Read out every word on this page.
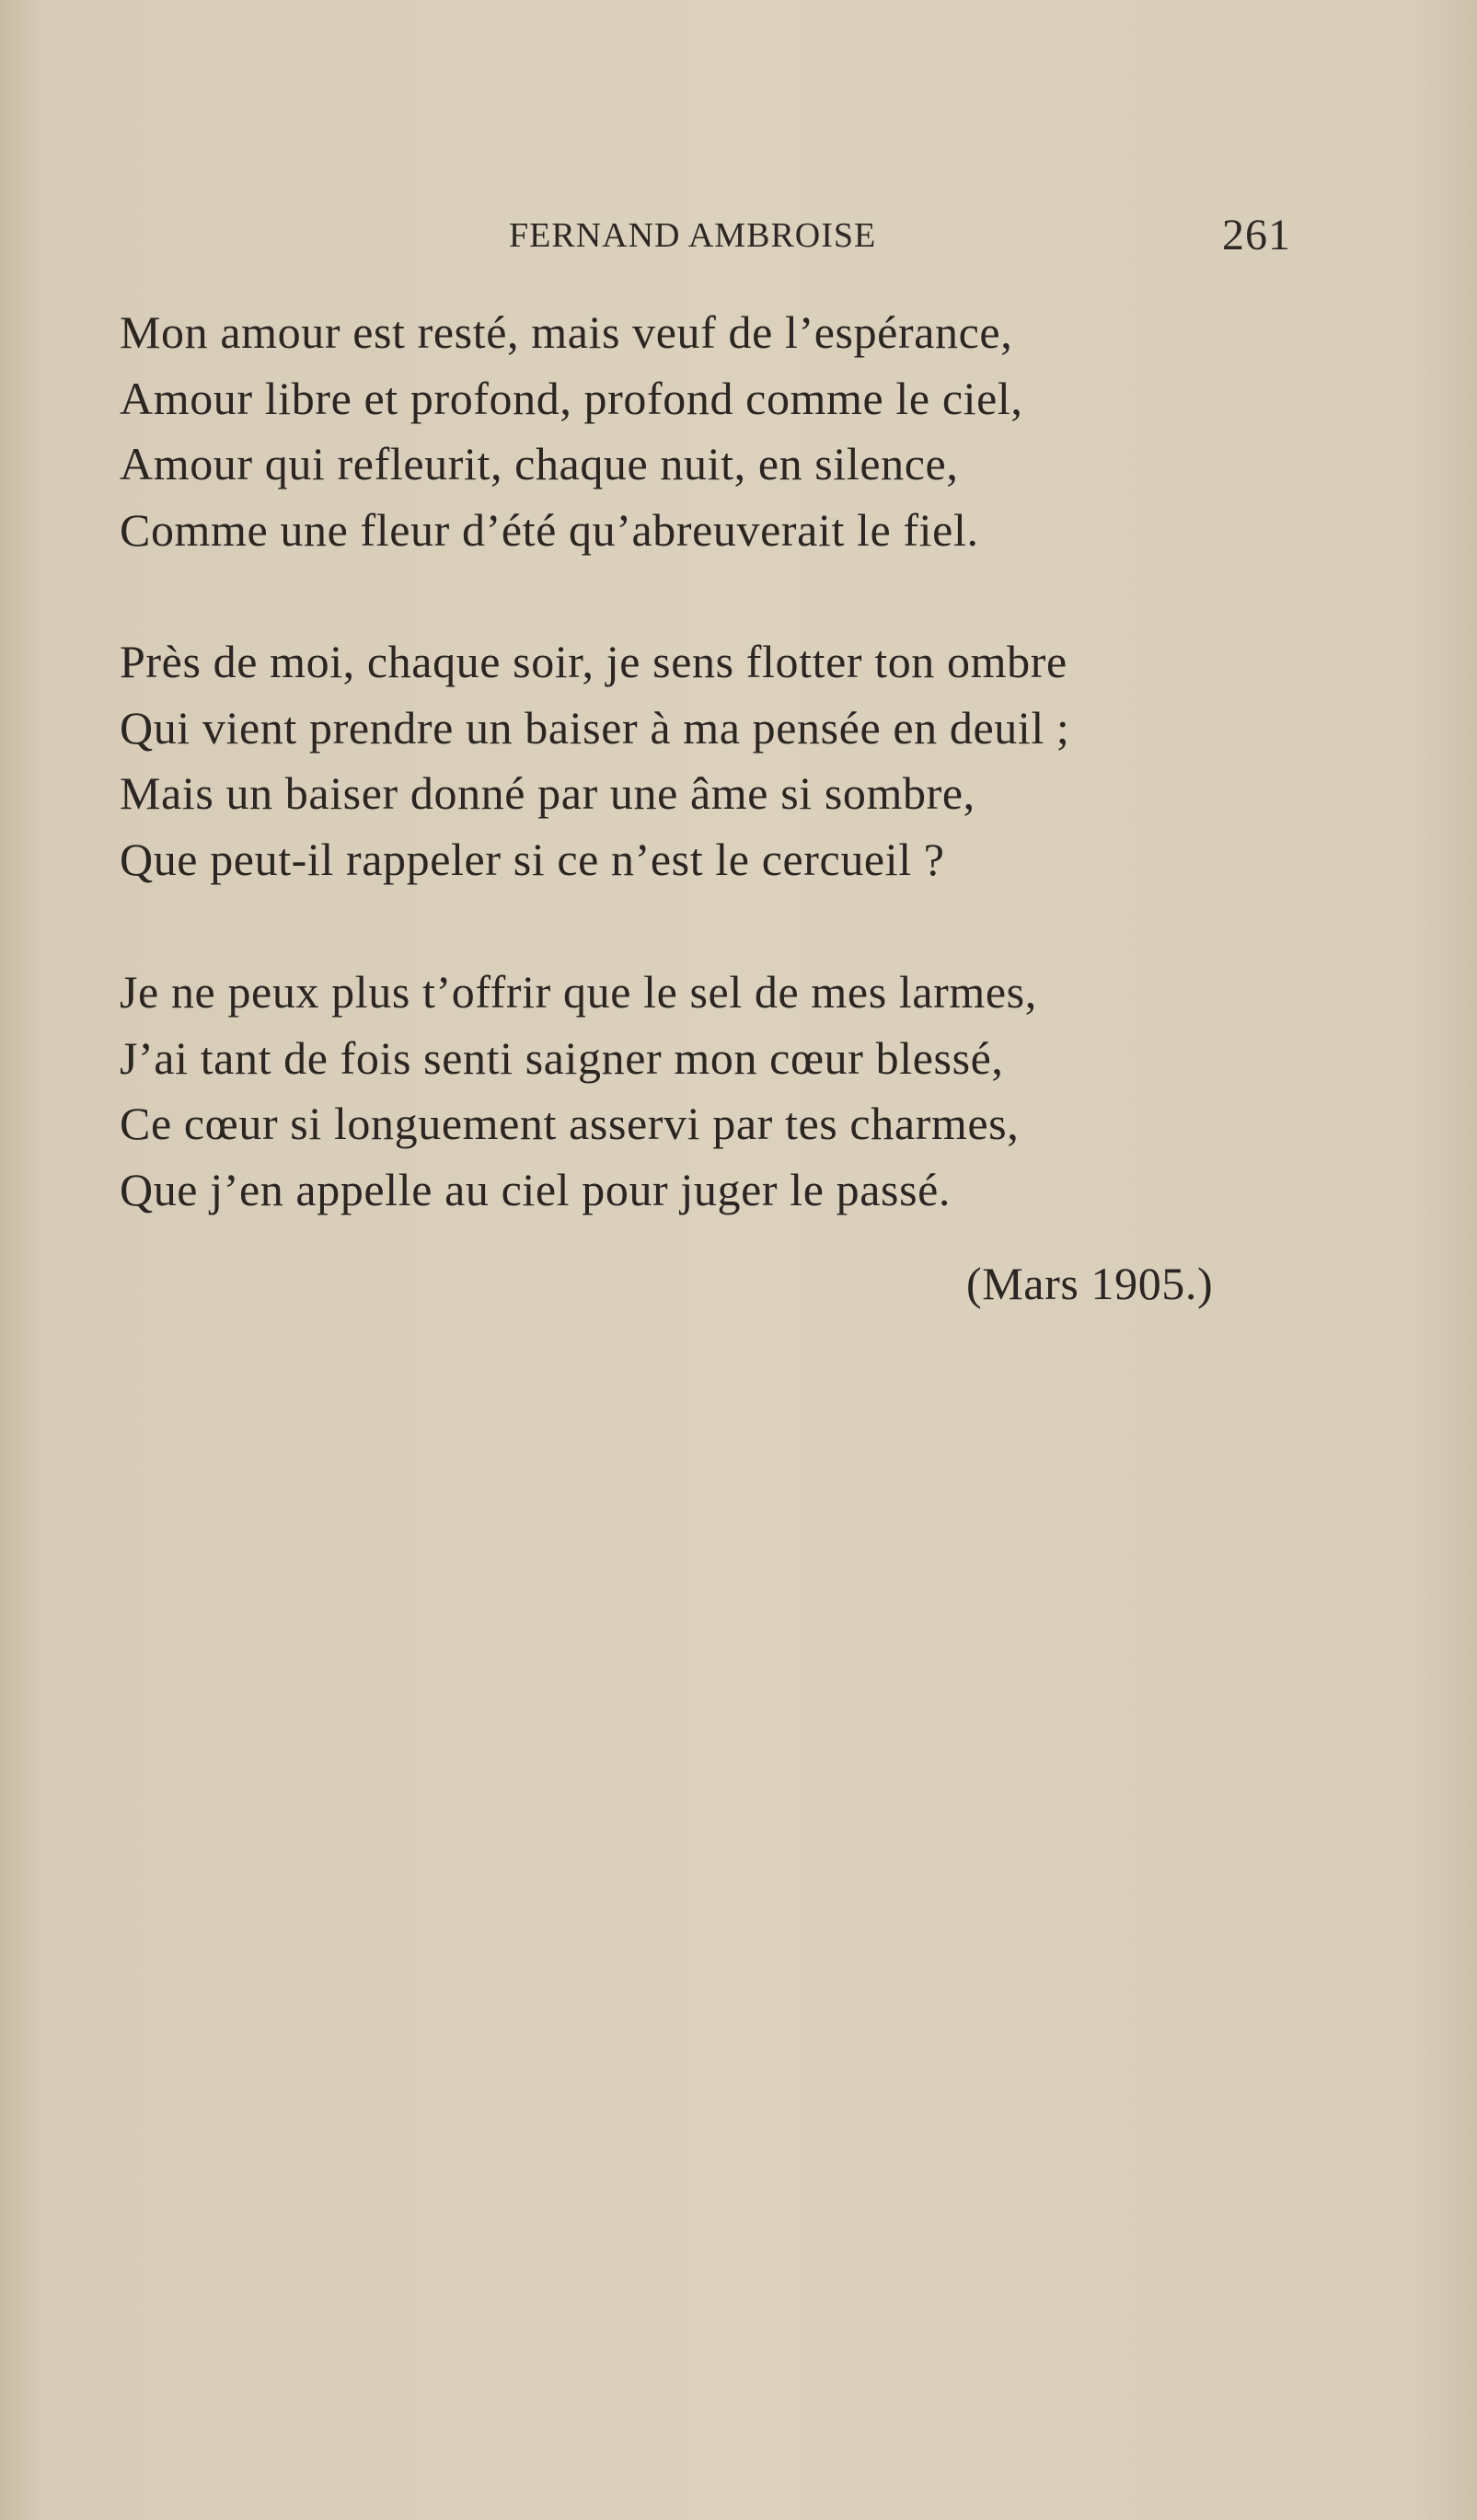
FERNAND AMBROISE	261
Mon amour est resté, mais veuf de l’espérance,
Amour libre et profond, profond comme le ciel,
Amour qui refleurit, chaque nuit, en silence,
Comme une fleur d’été qu’abreuverait le fiel.
Près de moi, chaque soir, je sens flotter ton ombre
Qui vient prendre un baiser à ma pensée en deuil ;
Mais un baiser donné par une âme si sombre,
Que peut-il rappeler si ce n’est le cercueil ?
Je ne peux plus t’offrir que le sel de mes larmes,
J’ai tant de fois senti saigner mon cœur blessé,
Ce cœur si longuement asservi par tes charmes,
Que j’en appelle au ciel pour juger le passé.
(Mars 1905.)
